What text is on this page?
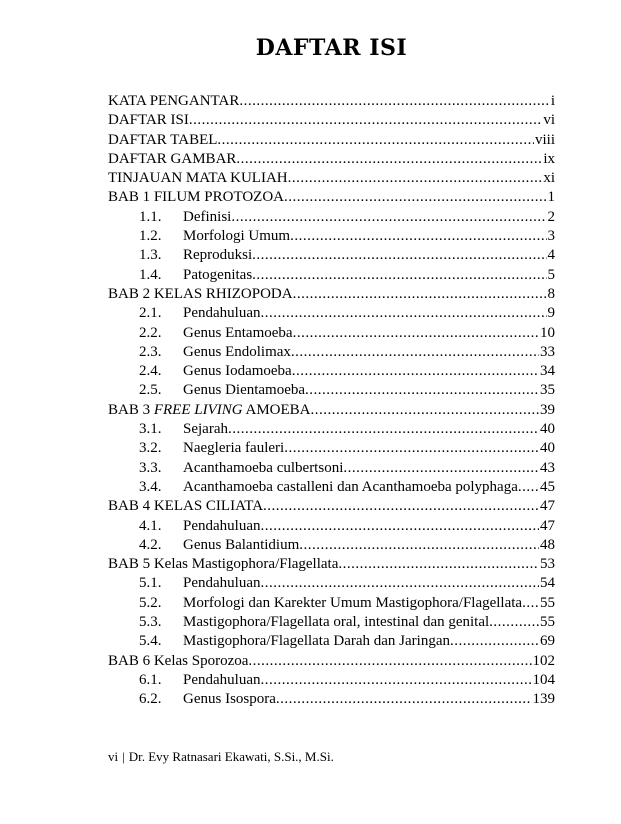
DAFTAR ISI
KATA PENGANTAR .....	i
DAFTAR ISI .....	vi
DAFTAR TABEL .....	viii
DAFTAR GAMBAR .....	ix
TINJAUAN MATA KULIAH .....	xi
BAB 1 FILUM PROTOZOA .....	1
1.1.	Definisi .....	2
1.2.	Morfologi Umum .....	3
1.3.	Reproduksi .....	4
1.4.	Patogenitas .....	5
BAB 2 KELAS RHIZOPODA .....	8
2.1.	Pendahuluan .....	9
2.2.	Genus Entamoeba .....	10
2.3.	Genus Endolimax .....	33
2.4.	Genus Iodamoeba .....	34
2.5.	Genus Dientamoeba .....	35
BAB 3 FREE LIVING AMOEBA .....	39
3.1.	Sejarah .....	40
3.2.	Naegleria fauleri .....	40
3.3.	Acanthamoeba culbertsoni .....	43
3.4.	Acanthamoeba castalleni dan Acanthamoeba polyphaga ..... 45
BAB 4 KELAS CILIATA .....	47
4.1.	Pendahuluan .....	47
4.2.	Genus Balantidium .....	48
BAB 5 Kelas Mastigophora/Flagellata .....	53
5.1.	Pendahuluan .....	54
5.2.	Morfologi dan Karekter Umum Mastigophora/Flagellata ..... 55
5.3.	Mastigophora/Flagellata oral, intestinal dan genital .....	55
5.4.	Mastigophora/Flagellata Darah dan Jaringan .....	69
BAB 6 Kelas Sporozoa .....	102
6.1.	Pendahuluan .....	104
6.2.	Genus Isospora .....	139
vi | Dr. Evy Ratnasari Ekawati, S.Si., M.Si.
